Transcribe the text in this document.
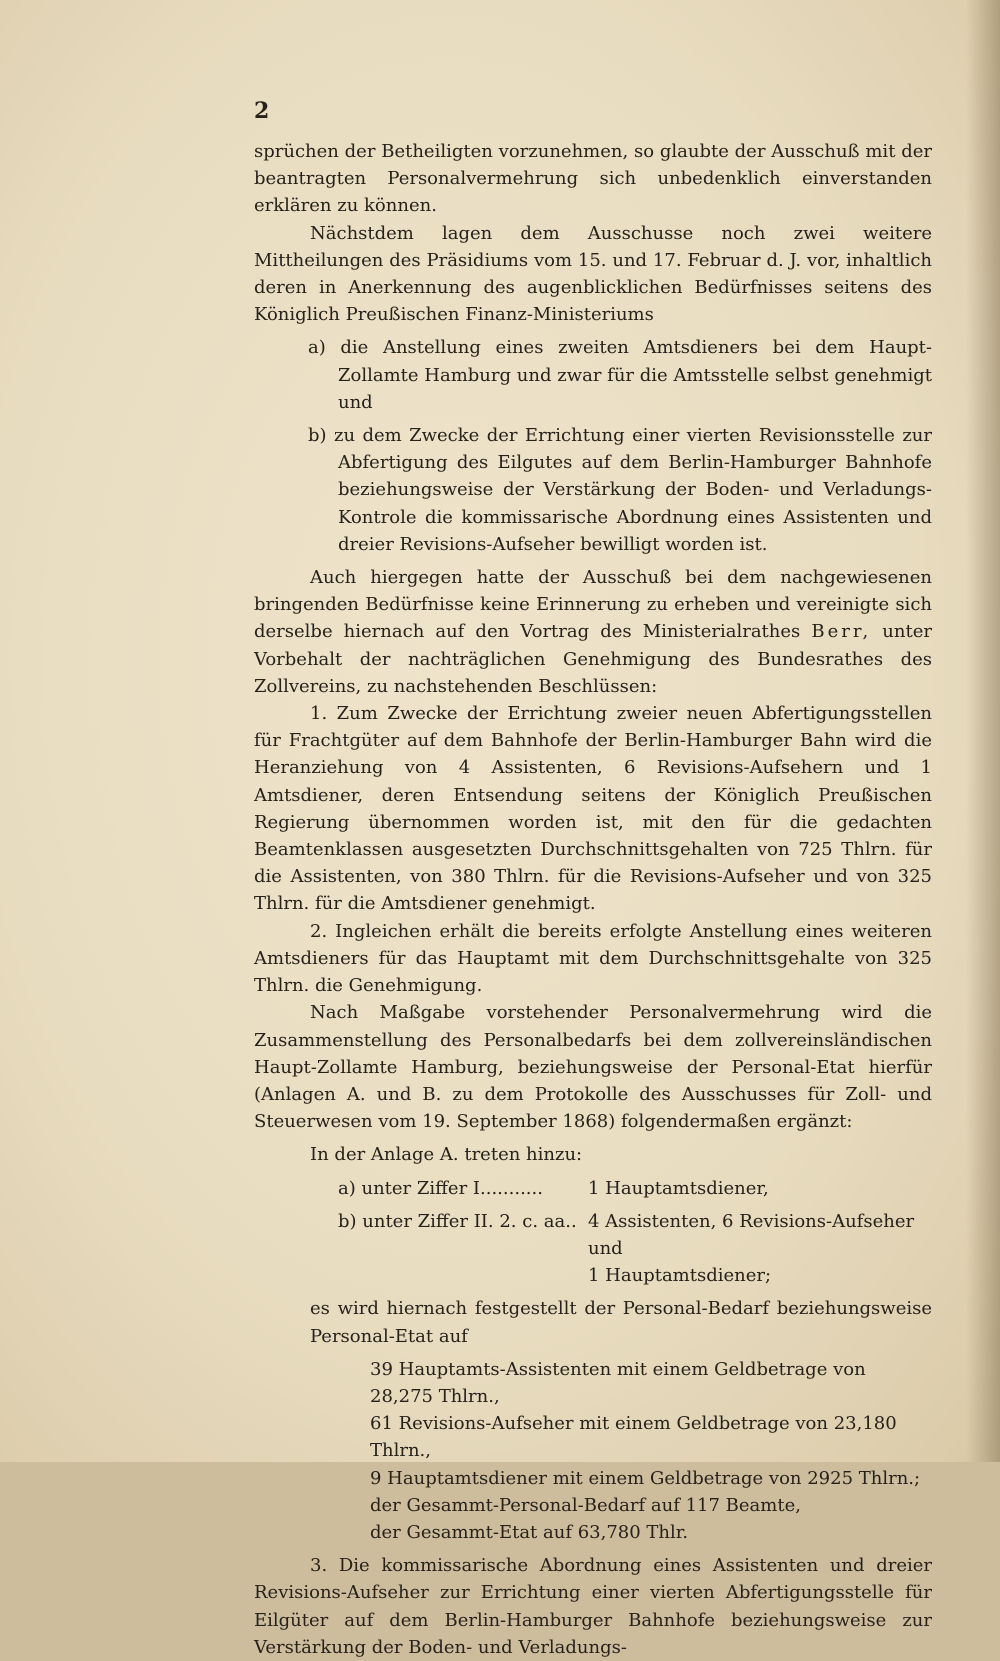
2

sprüchen der Betheiligten vorzunehmen, so glaubte der Ausschuß mit der beantragten Personalvermehrung sich unbedenklich einverstanden erklären zu können.

Nächstdem lagen dem Ausschusse noch zwei weitere Mittheilungen des Präsidiums vom 15. und 17. Februar d. J. vor, inhaltlich deren in Anerkennung des augenblicklichen Bedürfnisses seitens des Königlich Preußischen Finanz-Ministeriums

a) die Anstellung eines zweiten Amtsdieners bei dem Haupt-Zollamte Hamburg und zwar für die Amtsstelle selbst genehmigt und

b) zu dem Zwecke der Errichtung einer vierten Revisionsstelle zur Abfertigung des Eilgutes auf dem Berlin-Hamburger Bahnhofe beziehungsweise der Verstärkung der Boden- und Verladungs-Kontrole die kommissarische Abordnung eines Assistenten und dreier Revisions-Aufseher bewilligt worden ist.

Auch hiergegen hatte der Ausschuß bei dem nachgewiesenen bringenden Bedürfnisse keine Erinnerung zu erheben und vereinigte sich derselbe hiernach auf den Vortrag des Ministerialrathes Berr, unter Vorbehalt der nachträglichen Genehmigung des Bundesrathes des Zollvereins, zu nachstehenden Beschlüssen:

1. Zum Zwecke der Errichtung zweier neuen Abfertigungsstellen für Frachtgüter auf dem Bahnhofe der Berlin-Hamburger Bahn wird die Heranziehung von 4 Assistenten, 6 Revisions-Aufsehern und 1 Amtsdiener, deren Entsendung seitens der Königlich Preußischen Regierung übernommen worden ist, mit den für die gedachten Beamtenklassen ausgesetzten Durchschnittsgehalten von 725 Thlrn. für die Assistenten, von 380 Thlrn. für die Revisions-Aufseher und von 325 Thlrn. für die Amtsdiener genehmigt.

2. Ingleichen erhält die bereits erfolgte Anstellung eines weiteren Amtsdieners für das Hauptamt mit dem Durchschnittsgehalte von 325 Thlrn. die Genehmigung.

Nach Maßgabe vorstehender Personalvermehrung wird die Zusammenstellung des Personalbedarfs bei dem zollvereinsländischen Haupt-Zollamte Hamburg, beziehungsweise der Personal-Etat hierfür (Anlagen A. und B. zu dem Protokolle des Ausschusses für Zoll- und Steuerwesen vom 19. September 1868) folgendermaßen ergänzt:

In der Anlage A. treten hinzu:

a) unter Ziffer I...........	1 Hauptamtsdiener,
b) unter Ziffer II. 2. c. aa.. 4 Assistenten, 6 Revisions-Aufseher und
1 Hauptamtsdiener;

es wird hiernach festgestellt der Personal-Bedarf beziehungsweise Personal-Etat auf

39 Hauptamts-Assistenten mit einem Geldbetrage von 28,275 Thlrn.,
61 Revisions-Aufseher mit einem Geldbetrage von 23,180 Thlrn.,
9 Hauptamtsdiener mit einem Geldbetrage von 2925 Thlrn.;
der Gesammt-Personal-Bedarf auf 117 Beamte,
der Gesammt-Etat auf 63,780 Thlr.

3. Die kommissarische Abordnung eines Assistenten und dreier Revisions-Aufseher zur Errichtung einer vierten Abfertigungsstelle für Eilgüter auf dem Berlin-Hamburger Bahnhofe beziehungsweise zur Verstärkung der Boden- und Verladungs-
